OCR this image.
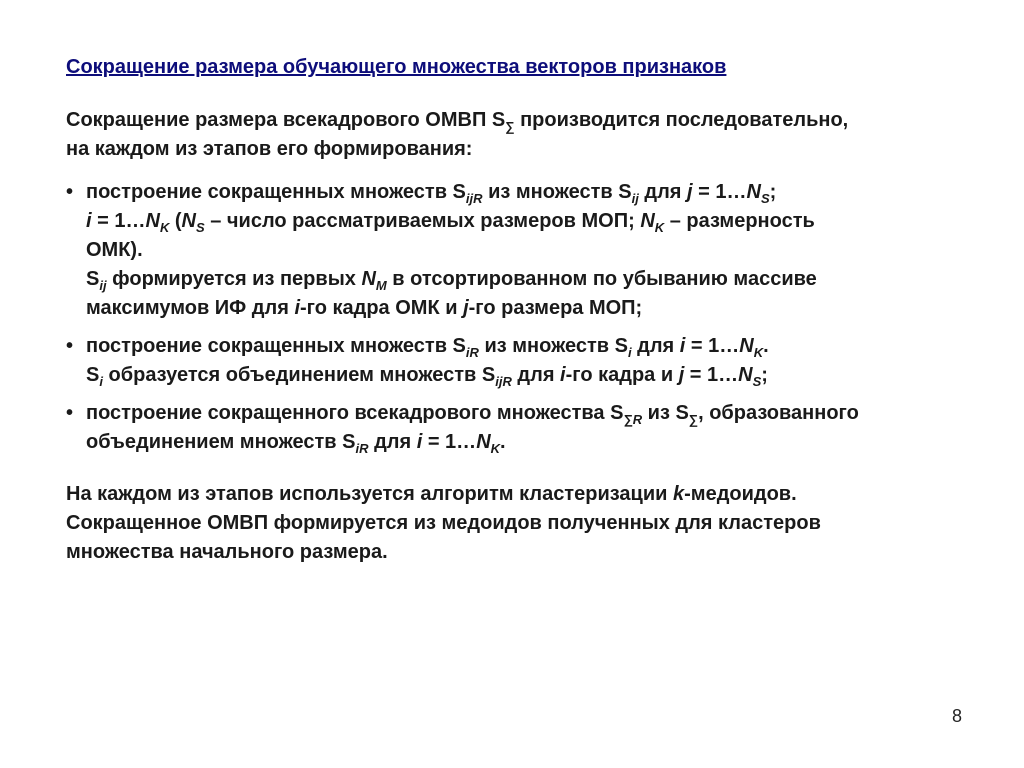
Сокращение размера обучающего множества векторов признаков
Сокращение размера всекадрового ОМВП $S_\sum$ производится последовательно,
на каждом из этапов его формирования:
• построение сокращенных множеств $S_{ijR}$ из множеств $S_{ij}$ для $j = 1\dots N_S$;
$i = 1\dots N_K$ ($N_S$ – число рассматриваемых размеров МОП; $N_K$ – размерность
ОМК).
$S_{ij}$ формируется из первых $N_M$ в отсортированном по убыванию массиве
максимумов ИФ для i-го кадра ОМК и j-го размера МОП;
• построение сокращенных множеств $S_{iR}$ из множеств $S_i$ для $i = 1\dots N_K$.
$S_i$ образуется объединением множеств $S_{ijR}$ для i-го кадра и $j = 1\dots N_S$;
• построение сокращенного всекадрового множества $S_{\sum R}$ из $S_\sum$, образованного
объединением множеств $S_{iR}$ для $i = 1\dots N_K$.
На каждом из этапов используется алгоритм кластеризации k-медоидов.
Сокращенное ОМВП формируется из медоидов полученных для кластеров
множества начального размера.
8
